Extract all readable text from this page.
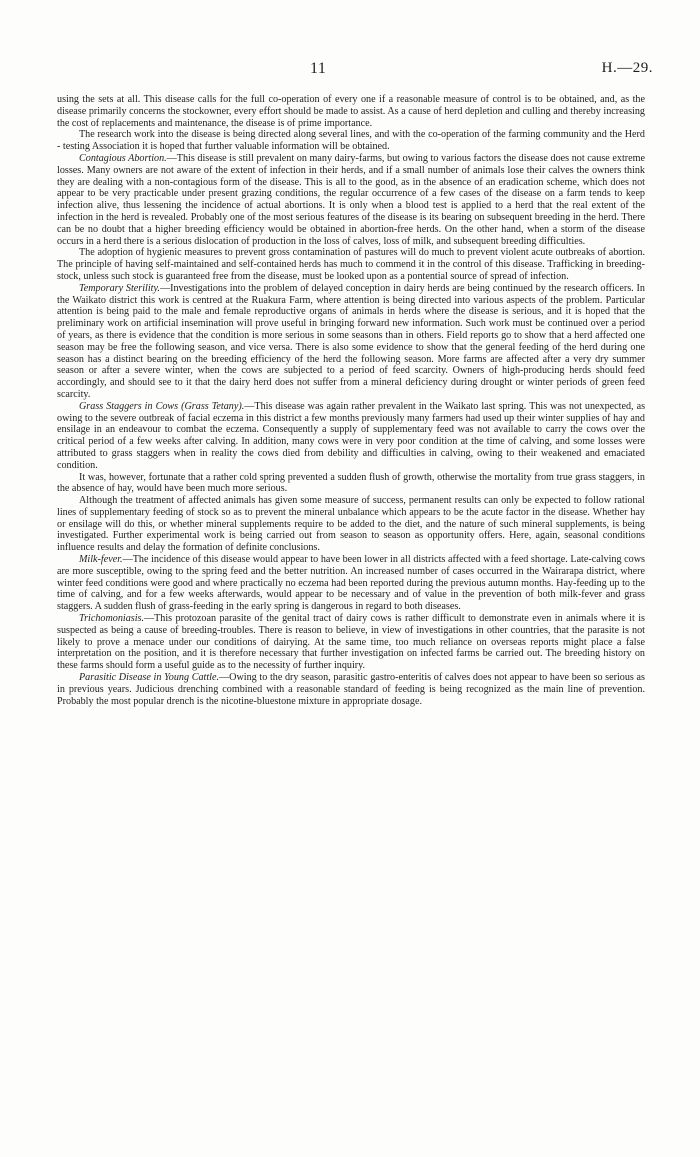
11	H.—29.

using the sets at all. This disease calls for the full co-operation of every one if a reasonable measure of control is to be obtained, and, as the disease primarily concerns the stockowner, every effort should be made to assist. As a cause of herd depletion and culling and thereby increasing the cost of replacements and maintenance, the disease is of prime importance.

The research work into the disease is being directed along several lines, and with the co-operation of the farming community and the Herd - testing Association it is hoped that further valuable information will be obtained.

Contagious Abortion.—This disease is still prevalent on many dairy-farms, but owing to various factors the disease does not cause extreme losses. Many owners are not aware of the extent of infection in their herds, and if a small number of animals lose their calves the owners think they are dealing with a non-contagious form of the disease. This is all to the good, as in the absence of an eradication scheme, which does not appear to be very practicable under present grazing conditions, the regular occurrence of a few cases of the disease on a farm tends to keep infection alive, thus lessening the incidence of actual abortions. It is only when a blood test is applied to a herd that the real extent of the infection in the herd is revealed. Probably one of the most serious features of the disease is its bearing on subsequent breeding in the herd. There can be no doubt that a higher breeding efficiency would be obtained in abortion-free herds. On the other hand, when a storm of the disease occurs in a herd there is a serious dislocation of production in the loss of calves, loss of milk, and subsequent breeding difficulties.

The adoption of hygienic measures to prevent gross contamination of pastures will do much to prevent violent acute outbreaks of abortion. The principle of having self-maintained and self-contained herds has much to commend it in the control of this disease. Trafficking in breeding-stock, unless such stock is guaranteed free from the disease, must be looked upon as a pontential source of spread of infection.

Temporary Sterility.—Investigations into the problem of delayed conception in dairy herds are being continued by the research officers. In the Waikato district this work is centred at the Ruakura Farm, where attention is being directed into various aspects of the problem. Particular attention is being paid to the male and female reproductive organs of animals in herds where the disease is serious, and it is hoped that the preliminary work on artificial insemination will prove useful in bringing forward new information. Such work must be continued over a period of years, as there is evidence that the condition is more serious in some seasons than in others. Field reports go to show that a herd affected one season may be free the following season, and vice versa. There is also some evidence to show that the general feeding of the herd during one season has a distinct bearing on the breeding efficiency of the herd the following season. More farms are affected after a very dry summer season or after a severe winter, when the cows are subjected to a period of feed scarcity. Owners of high-producing herds should feed accordingly, and should see to it that the dairy herd does not suffer from a mineral deficiency during drought or winter periods of green feed scarcity.

Grass Staggers in Cows (Grass Tetany).—This disease was again rather prevalent in the Waikato last spring. This was not unexpected, as owing to the severe outbreak of facial eczema in this district a few months previously many farmers had used up their winter supplies of hay and ensilage in an endeavour to combat the eczema. Consequently a supply of supplementary feed was not available to carry the cows over the critical period of a few weeks after calving. In addition, many cows were in very poor condition at the time of calving, and some losses were attributed to grass staggers when in reality the cows died from debility and difficulties in calving, owing to their weakened and emaciated condition.

It was, however, fortunate that a rather cold spring prevented a sudden flush of growth, otherwise the mortality from true grass staggers, in the absence of hay, would have been much more serious.

Although the treatment of affected animals has given some measure of success, permanent results can only be expected to follow rational lines of supplementary feeding of stock so as to prevent the mineral unbalance which appears to be the acute factor in the disease. Whether hay or ensilage will do this, or whether mineral supplements require to be added to the diet, and the nature of such mineral supplements, is being investigated. Further experimental work is being carried out from season to season as opportunity offers. Here, again, seasonal conditions influence results and delay the formation of definite conclusions.

Milk-fever.—The incidence of this disease would appear to have been lower in all districts affected with a feed shortage. Late-calving cows are more susceptible, owing to the spring feed and the better nutrition. An increased number of cases occurred in the Wairarapa district, where winter feed conditions were good and where practically no eczema had been reported during the previous autumn months. Hay-feeding up to the time of calving, and for a few weeks afterwards, would appear to be necessary and of value in the prevention of both milk-fever and grass staggers. A sudden flush of grass-feeding in the early spring is dangerous in regard to both diseases.

Trichomoniasis.—This protozoan parasite of the genital tract of dairy cows is rather difficult to demonstrate even in animals where it is suspected as being a cause of breeding-troubles. There is reason to believe, in view of investigations in other countries, that the parasite is not likely to prove a menace under our conditions of dairying. At the same time, too much reliance on overseas reports might place a false interpretation on the position, and it is therefore necessary that further investigation on infected farms be carried out. The breeding history on these farms should form a useful guide as to the necessity of further inquiry.

Parasitic Disease in Young Cattle.—Owing to the dry season, parasitic gastro-enteritis of calves does not appear to have been so serious as in previous years. Judicious drenching combined with a reasonable standard of feeding is being recognized as the main line of prevention. Probably the most popular drench is the nicotine-bluestone mixture in appropriate dosage.
